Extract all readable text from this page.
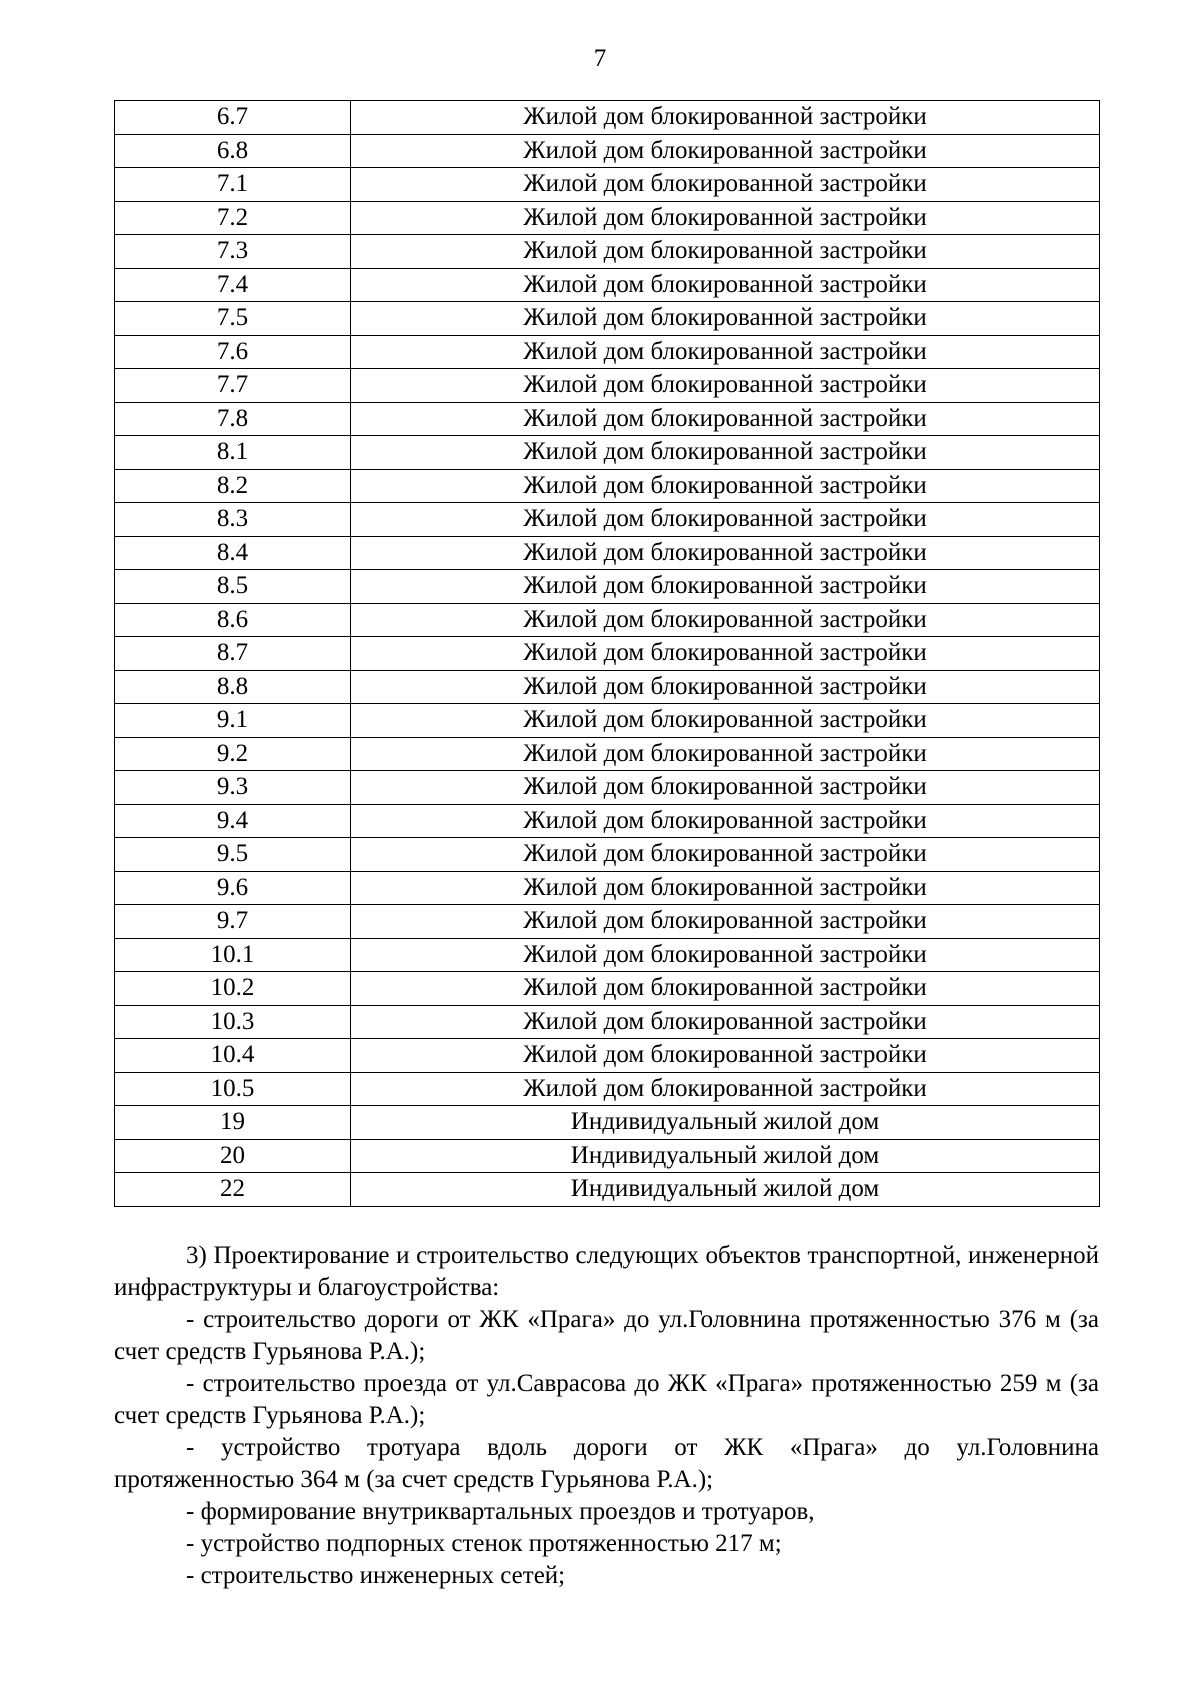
7
6.7	Жилой дом блокированной застройки
6.8	Жилой дом блокированной застройки
7.1	Жилой дом блокированной застройки
7.2	Жилой дом блокированной застройки
7.3	Жилой дом блокированной застройки
7.4	Жилой дом блокированной застройки
7.5	Жилой дом блокированной застройки
7.6	Жилой дом блокированной застройки
7.7	Жилой дом блокированной застройки
7.8	Жилой дом блокированной застройки
8.1	Жилой дом блокированной застройки
8.2	Жилой дом блокированной застройки
8.3	Жилой дом блокированной застройки
8.4	Жилой дом блокированной застройки
8.5	Жилой дом блокированной застройки
8.6	Жилой дом блокированной застройки
8.7	Жилой дом блокированной застройки
8.8	Жилой дом блокированной застройки
9.1	Жилой дом блокированной застройки
9.2	Жилой дом блокированной застройки
9.3	Жилой дом блокированной застройки
9.4	Жилой дом блокированной застройки
9.5	Жилой дом блокированной застройки
9.6	Жилой дом блокированной застройки
9.7	Жилой дом блокированной застройки
10.1	Жилой дом блокированной застройки
10.2	Жилой дом блокированной застройки
10.3	Жилой дом блокированной застройки
10.4	Жилой дом блокированной застройки
10.5	Жилой дом блокированной застройки
19	Индивидуальный жилой дом
20	Индивидуальный жилой дом
22	Индивидуальный жилой дом

3) Проектирование и строительство следующих объектов транспортной, инженерной инфраструктуры и благоустройства:

- строительство дороги от ЖК «Прага» до ул.Головнина протяженностью 376 м (за счет средств Гурьянова Р.А.);

- строительство проезда от ул.Саврасова до ЖК «Прага» протяженностью 259 м (за счет средств Гурьянова Р.А.);

- устройство тротуара вдоль дороги от ЖК «Прага» до ул.Головнина протяженностью 364 м (за счет средств Гурьянова Р.А.);

- формирование внутриквартальных проездов и тротуаров,

- устройство подпорных стенок протяженностью 217 м;

- строительство инженерных сетей;
